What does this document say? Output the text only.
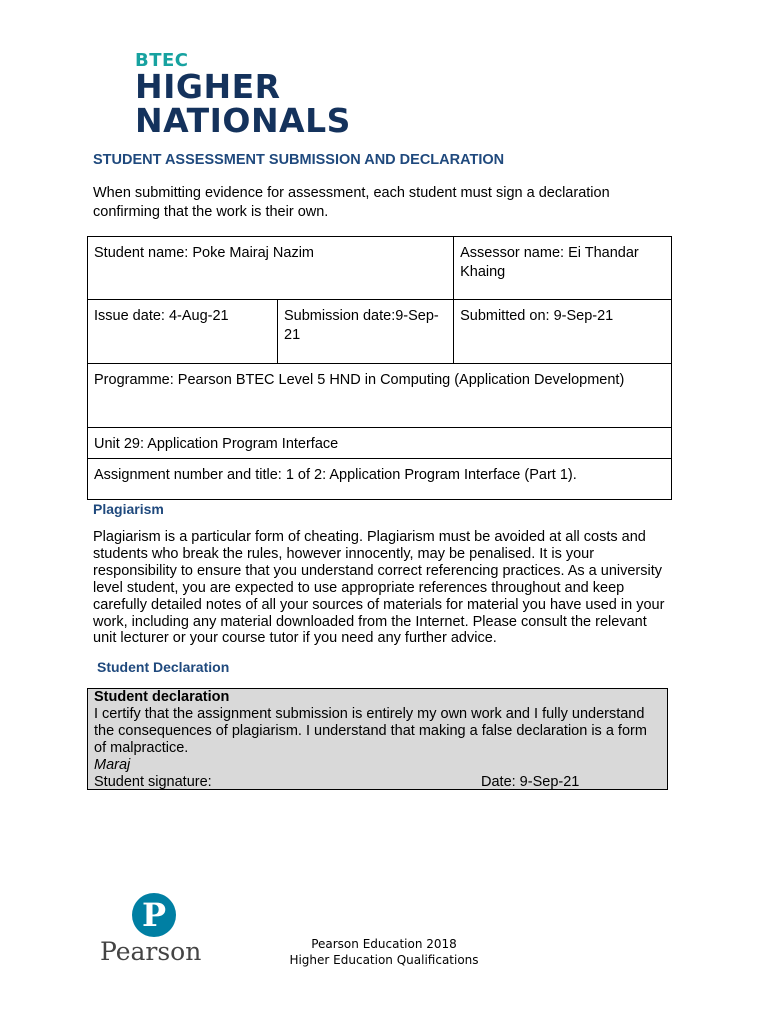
BTEC
HIGHER
NATIONALS
STUDENT ASSESSMENT SUBMISSION AND DECLARATION
When submitting evidence for assessment, each student must sign a declaration confirming that the work is their own.
Student name: Poke Mairaj Nazim		Assessor name: Ei Thandar Khaing
Issue date: 4-Aug-21	Submission date:9-Sep-21	Submitted on: 9-Sep-21
Programme: Pearson BTEC Level 5 HND in Computing (Application Development)		
Unit 29: Application Program Interface		
Assignment number and title: 1 of 2: Application Program Interface (Part 1).		
Plagiarism
Plagiarism is a particular form of cheating. Plagiarism must be avoided at all costs and students who break the rules, however innocently, may be penalised. It is your responsibility to ensure that you understand correct referencing practices. As a university level student, you are expected to use appropriate references throughout and keep carefully detailed notes of all your sources of materials for material you have used in your work, including any material downloaded from the Internet. Please consult the relevant unit lecturer or your course tutor if you need any further advice.
Student Declaration
Student declaration
I certify that the assignment submission is entirely my own work and I fully understand the consequences of plagiarism. I understand that making a false declaration is a form of malpractice.
Maraj
Student signature:	Date: 9-Sep-21
P
Pearson	Pearson Education 2018
Higher Education Qualifications
